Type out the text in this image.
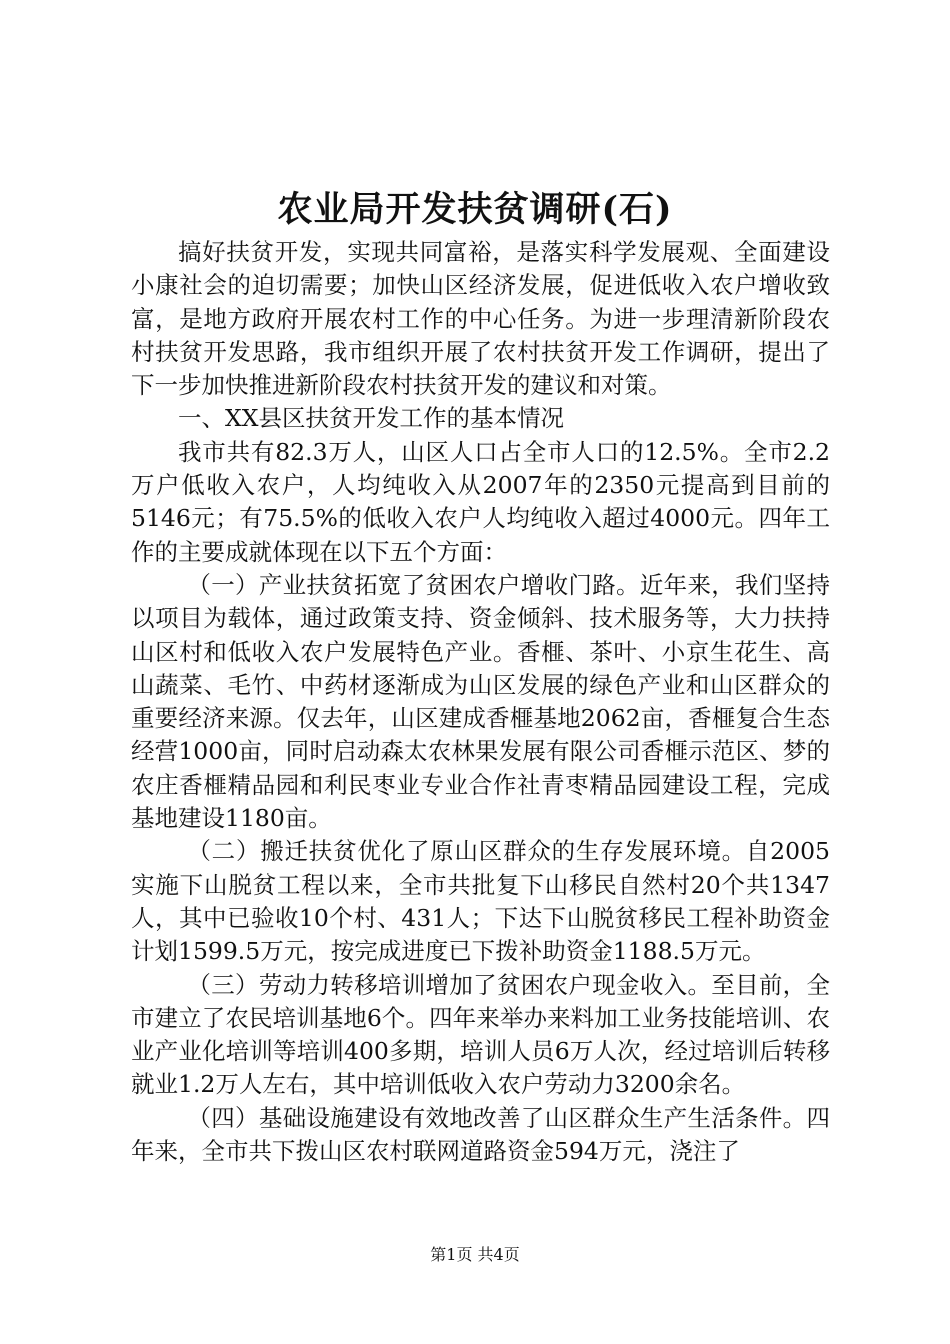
农业局开发扶贫调研(石)

搞好扶贫开发，实现共同富裕，是落实科学发展观、全面建设小康社会的迫切需要；加快山区经济发展，促进低收入农户增收致富，是地方政府开展农村工作的中心任务。为进一步理清新阶段农村扶贫开发思路，我市组织开展了农村扶贫开发工作调研，提出了下一步加快推进新阶段农村扶贫开发的建议和对策。

一、XX县区扶贫开发工作的基本情况

我市共有82.3万人，山区人口占全市人口的12.5%。全市2.2万户低收入农户，人均纯收入从2007年的2350元提高到目前的5146元；有75.5%的低收入农户人均纯收入超过4000元。四年工作的主要成就体现在以下五个方面：

（一）产业扶贫拓宽了贫困农户增收门路。近年来，我们坚持以项目为载体，通过政策支持、资金倾斜、技术服务等，大力扶持山区村和低收入农户发展特色产业。香榧、茶叶、小京生花生、高山蔬菜、毛竹、中药材逐渐成为山区发展的绿色产业和山区群众的重要经济来源。仅去年，山区建成香榧基地2062亩，香榧复合生态经营1000亩，同时启动森太农林果发展有限公司香榧示范区、梦的农庄香榧精品园和利民枣业专业合作社青枣精品园建设工程，完成基地建设1180亩。

（二）搬迁扶贫优化了原山区群众的生存发展环境。自2005实施下山脱贫工程以来，全市共批复下山移民自然村20个共1347人，其中已验收10个村、431人；下达下山脱贫移民工程补助资金计划1599.5万元，按完成进度已下拨补助资金1188.5万元。

（三）劳动力转移培训增加了贫困农户现金收入。至目前，全市建立了农民培训基地6个。四年来举办来料加工业务技能培训、农业产业化培训等培训400多期，培训人员6万人次，经过培训后转移就业1.2万人左右，其中培训低收入农户劳动力3200余名。

（四）基础设施建设有效地改善了山区群众生产生活条件。四年来，全市共下拨山区农村联网道路资金594万元，浇注了

第1页 共4页
